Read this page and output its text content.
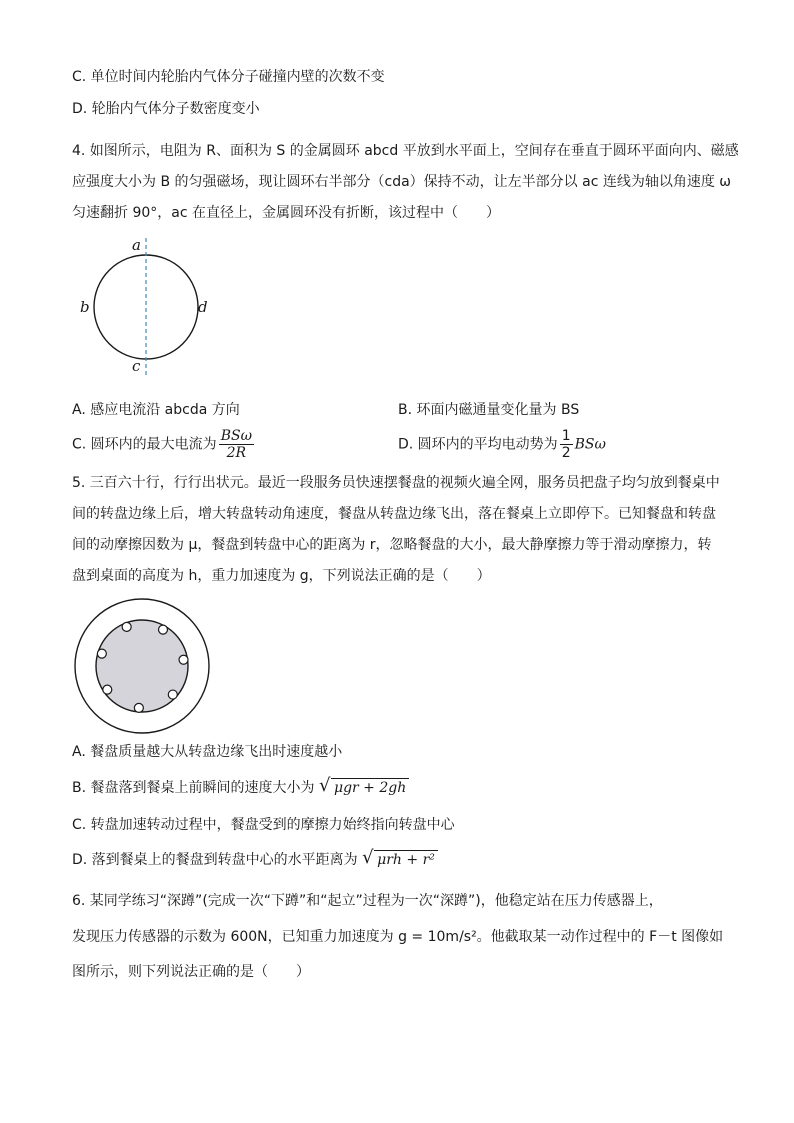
C. 单位时间内轮胎内气体分子碰撞内壁的次数不变
D. 轮胎内气体分子数密度变小
4. 如图所示，电阻为 R、面积为 S 的金属圆环 abcd 平放到水平面上，空间存在垂直于圆环平面向内、磁感
应强度大小为 B 的匀强磁场，现让圆环右半部分（cda）保持不动，让左半部分以 ac 连线为轴以角速度 ω
匀速翻折 90°，ac 在直径上，金属圆环没有折断，该过程中（　　）
a
b
c
d
A. 感应电流沿 abcda 方向	B. 环面内磁通量变化量为 BS
C. 圆环内的最大电流为 $\frac{\text{BSω}}{2R}$	D. 圆环内的平均电动势为 $\frac{1}{2}$ BSω
5. 三百六十行，行行出状元。最近一段服务员快速摆餐盘的视频火遍全网，服务员把盘子均匀放到餐桌中
间的转盘边缘上后，增大转盘转动角速度，餐盘从转盘边缘飞出，落在餐桌上立即停下。已知餐盘和转盘
间的动摩擦因数为 μ，餐盘到转盘中心的距离为 r，忽略餐盘的大小，最大静摩擦力等于滑动摩擦力，转
盘到桌面的高度为 h，重力加速度为 g，下列说法正确的是（　　）
A. 餐盘质量越大从转盘边缘飞出时速度越小
B. 餐盘落到餐桌上前瞬间的速度大小为 √ μgr + 2gh
C. 转盘加速转动过程中，餐盘受到的摩擦力始终指向转盘中心
D. 落到餐桌上的餐盘到转盘中心的水平距离为 √ μrh + r²
6. 某同学练习“深蹲”(完成一次“下蹲”和“起立”过程为一次“深蹲”)，他稳定站在压力传感器上，
发现压力传感器的示数为 600N，已知重力加速度为 g = 10m/s²。他截取某一动作过程中的 F－t 图像如
图所示，则下列说法正确的是（　　）
